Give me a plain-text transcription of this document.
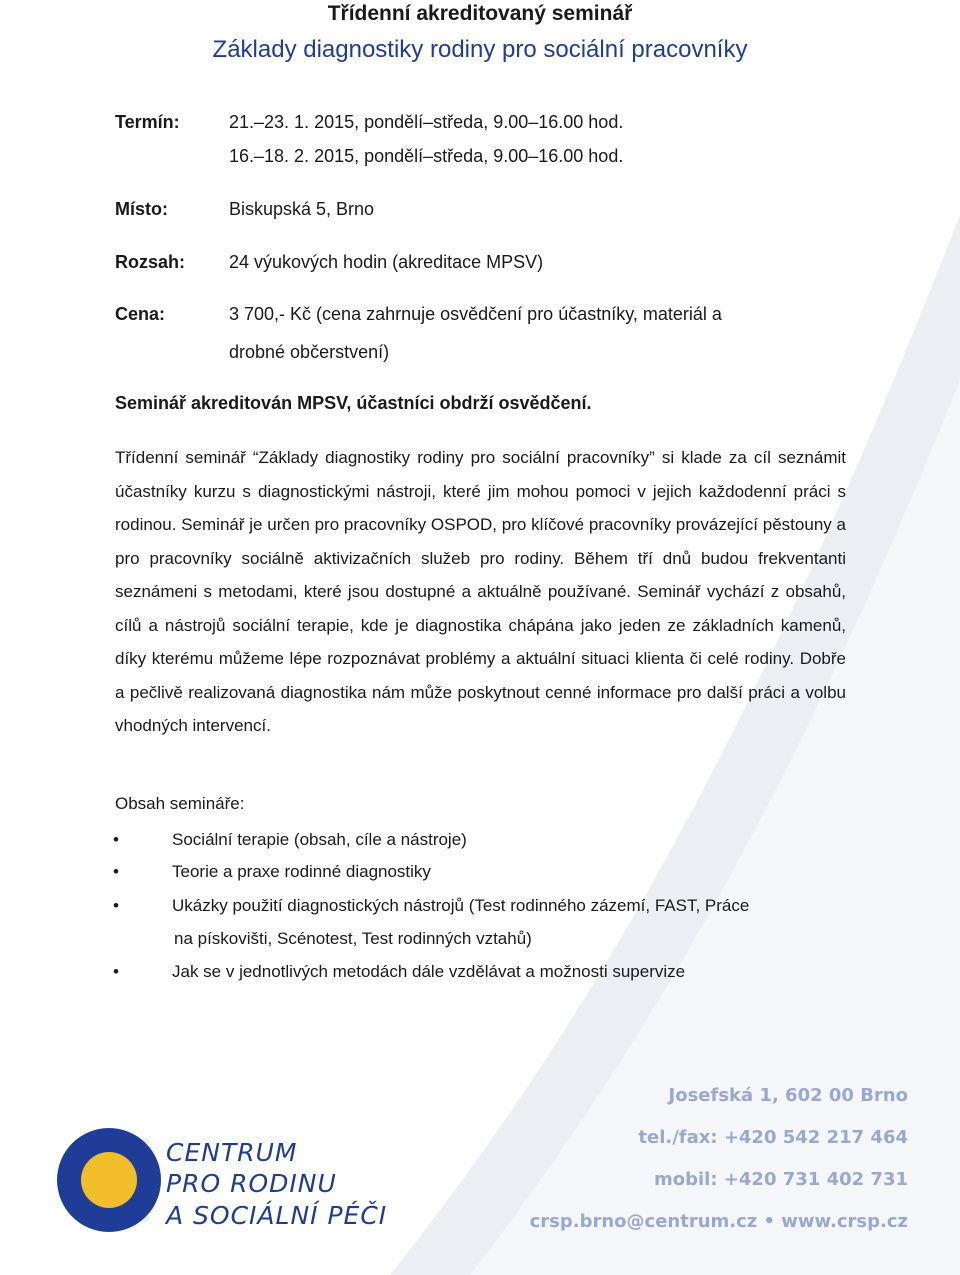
Třídenní akreditovaný seminář
Základy diagnostiky rodiny pro sociální pracovníky
Termín:	21.–23. 1. 2015, pondělí–středa, 9.00–16.00 hod.
16.–18. 2. 2015, pondělí–středa, 9.00–16.00 hod.
Místo:	Biskupská 5, Brno
Rozsah: 24 výukových hodin (akreditace MPSV)
Cena:	3 700,- Kč (cena zahrnuje osvědčení pro účastníky, materiál a
drobné občerstvení)
Seminář akreditován MPSV, účastníci obdrží osvědčení.

Třídenní seminář “Základy diagnostiky rodiny pro sociální pracovníky” si klade za cíl seznámit účastníky kurzu s diagnostickými nástroji, které jim mohou pomoci v jejich každodenní práci s rodinou. Seminář je určen pro pracovníky OSPOD, pro klíčové pracovníky provázející pěstouny a pro pracovníky sociálně aktivizačních služeb pro rodiny. Během tří dnů budou frekventanti seznámeni s metodami, které jsou dostupné a aktuálně používané. Seminář vychází z obsahů, cílů a nástrojů sociální terapie, kde je diagnostika chápána jako jeden ze základních kamenů, díky kterému můžeme lépe rozpoznávat problémy a aktuální situaci klienta či celé rodiny. Dobře a pečlivě realizovaná diagnostika nám může poskytnout cenné informace pro další práci a volbu vhodných intervencí.

Obsah semináře:
•	Sociální terapie (obsah, cíle a nástroje)
•	Teorie a praxe rodinné diagnostiky
•	Ukázky použití diagnostických nástrojů (Test rodinného zázemí, FAST, Práce
na pískovišti, Scénotest, Test rodinných vztahů)
•	Jak se v jednotlivých metodách dále vzdělávat a možnosti supervize
CENTRUM
PRO RODINU
A SOCIÁLNÍ PÉČI
Josefská 1, 602 00 Brno
tel./fax: +420 542 217 464
mobil: +420 731 402 731
crsp.brno@centrum.cz • www.crsp.cz
